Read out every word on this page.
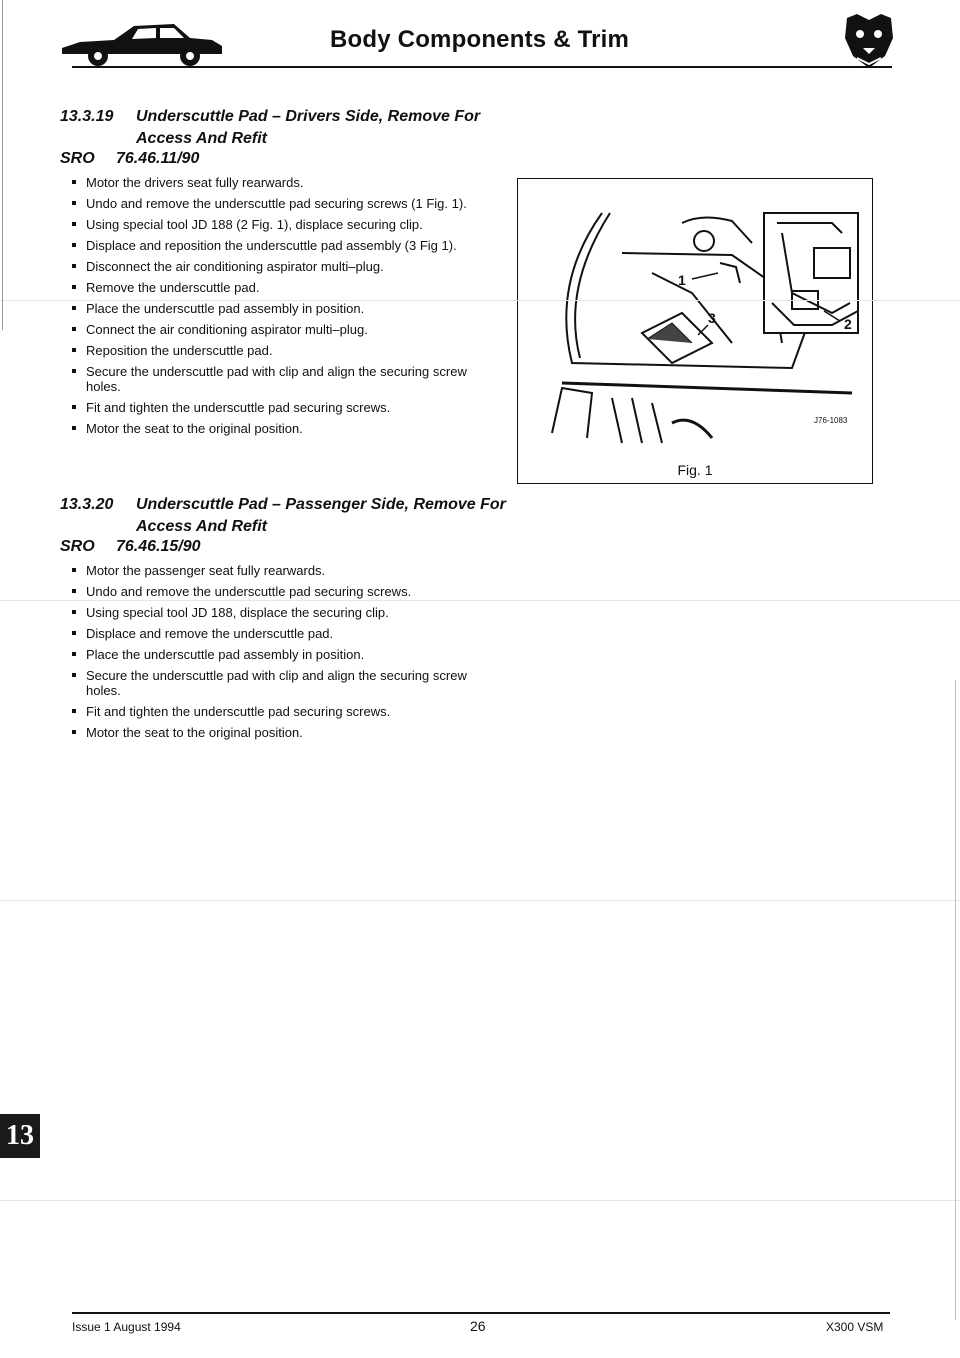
Body Components & Trim
13.3.19 Underscuttle Pad – Drivers Side, Remove For Access And Refit
SRO 76.46.11/90
Motor the drivers seat fully rearwards.
Undo and remove the underscuttle pad securing screws (1 Fig. 1).
Using special tool JD 188 (2 Fig. 1), displace securing clip.
Displace and reposition the underscuttle pad assembly (3 Fig 1).
Disconnect the air conditioning aspirator multi–plug.
Remove the underscuttle pad.
Place the underscuttle pad assembly in position.
Connect the air conditioning aspirator multi–plug.
Reposition the underscuttle pad.
Secure the underscuttle pad with clip and align the securing screw holes.
Fit and tighten the underscuttle pad securing screws.
Motor the seat to the original position.
1
2
3
J76-1083
Fig. 1
13.3.20 Underscuttle Pad – Passenger Side, Remove For Access And Refit
SRO 76.46.15/90
Motor the passenger seat fully rearwards.
Undo and remove the underscuttle pad securing screws.
Using special tool JD 188, displace the securing clip.
Displace and remove the underscuttle pad.
Place the underscuttle pad assembly in position.
Secure the underscuttle pad with clip and align the securing screw holes.
Fit and tighten the underscuttle pad securing screws.
Motor the seat to the original position.
13
Issue 1 August 1994	26	X300 VSM
